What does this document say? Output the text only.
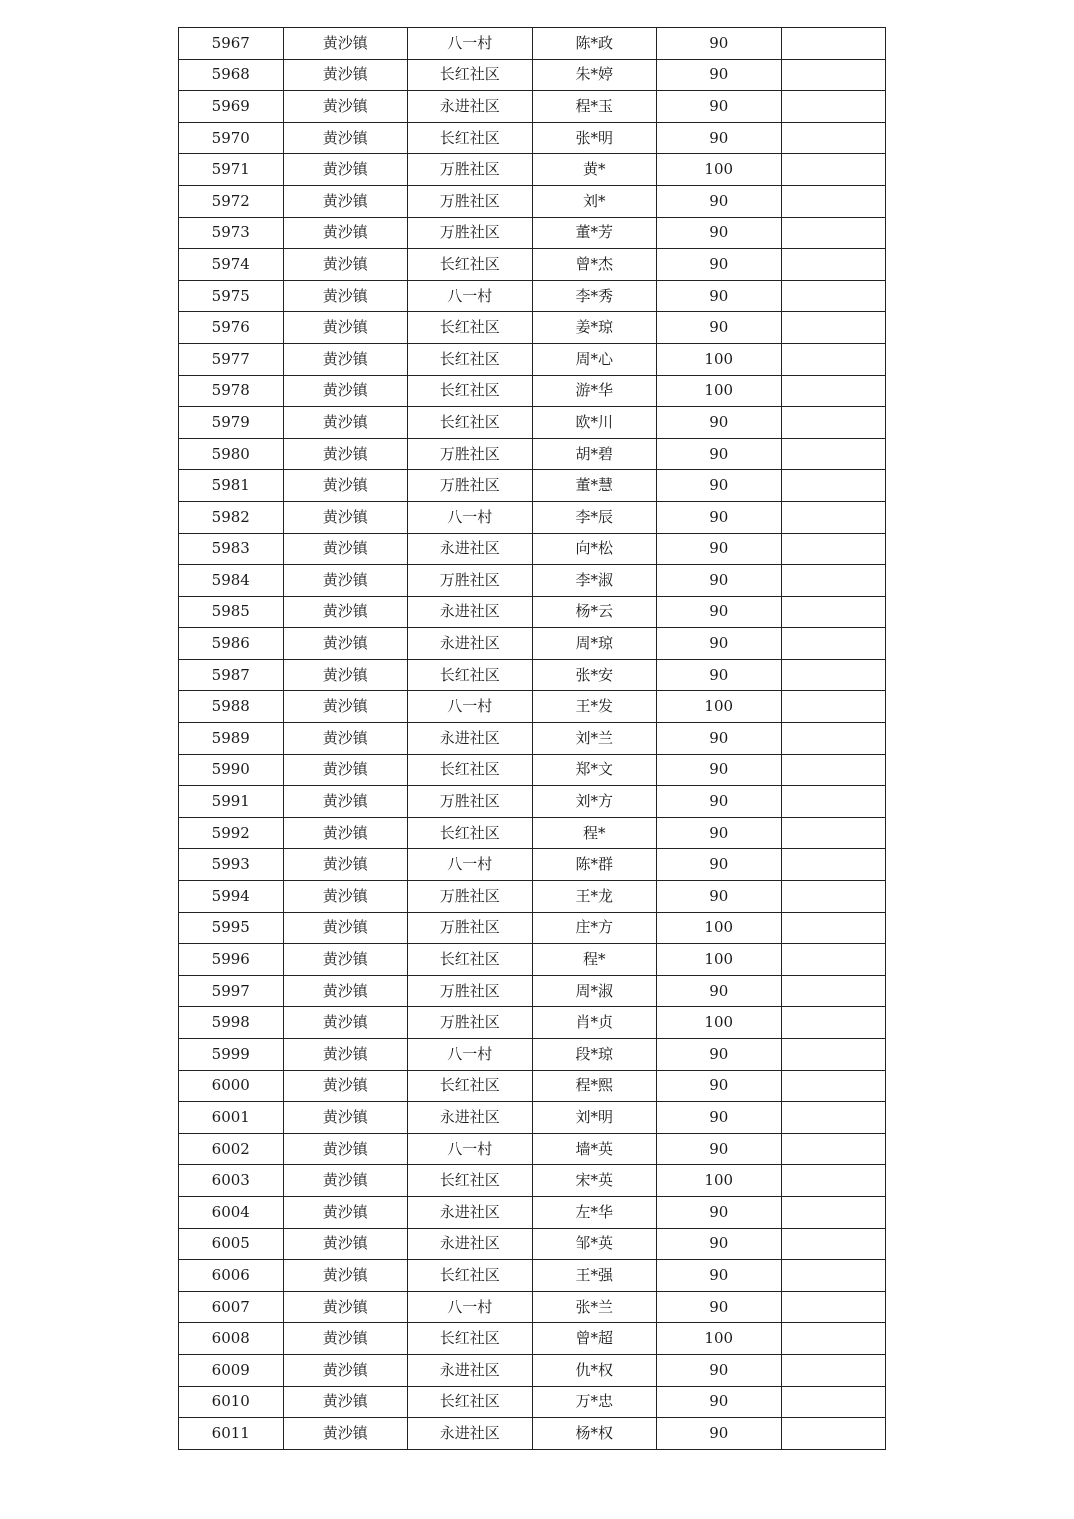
5967	黄沙镇	八一村	陈*政	90	
5968	黄沙镇	长红社区	朱*婷	90	
5969	黄沙镇	永进社区	程*玉	90	
5970	黄沙镇	长红社区	张*明	90	
5971	黄沙镇	万胜社区	黄*	100	
5972	黄沙镇	万胜社区	刘*	90	
5973	黄沙镇	万胜社区	董*芳	90	
5974	黄沙镇	长红社区	曾*杰	90	
5975	黄沙镇	八一村	李*秀	90	
5976	黄沙镇	长红社区	姜*琼	90	
5977	黄沙镇	长红社区	周*心	100	
5978	黄沙镇	长红社区	游*华	100	
5979	黄沙镇	长红社区	欧*川	90	
5980	黄沙镇	万胜社区	胡*碧	90	
5981	黄沙镇	万胜社区	董*慧	90	
5982	黄沙镇	八一村	李*辰	90	
5983	黄沙镇	永进社区	向*松	90	
5984	黄沙镇	万胜社区	李*淑	90	
5985	黄沙镇	永进社区	杨*云	90	
5986	黄沙镇	永进社区	周*琼	90	
5987	黄沙镇	长红社区	张*安	90	
5988	黄沙镇	八一村	王*发	100	
5989	黄沙镇	永进社区	刘*兰	90	
5990	黄沙镇	长红社区	郑*文	90	
5991	黄沙镇	万胜社区	刘*方	90	
5992	黄沙镇	长红社区	程*	90	
5993	黄沙镇	八一村	陈*群	90	
5994	黄沙镇	万胜社区	王*龙	90	
5995	黄沙镇	万胜社区	庄*方	100	
5996	黄沙镇	长红社区	程*	100	
5997	黄沙镇	万胜社区	周*淑	90	
5998	黄沙镇	万胜社区	肖*贞	100	
5999	黄沙镇	八一村	段*琼	90	
6000	黄沙镇	长红社区	程*熙	90	
6001	黄沙镇	永进社区	刘*明	90	
6002	黄沙镇	八一村	墙*英	90	
6003	黄沙镇	长红社区	宋*英	100	
6004	黄沙镇	永进社区	左*华	90	
6005	黄沙镇	永进社区	邹*英	90	
6006	黄沙镇	长红社区	王*强	90	
6007	黄沙镇	八一村	张*兰	90	
6008	黄沙镇	长红社区	曾*超	100	
6009	黄沙镇	永进社区	仇*权	90	
6010	黄沙镇	长红社区	万*忠	90	
6011	黄沙镇	永进社区	杨*权	90	
